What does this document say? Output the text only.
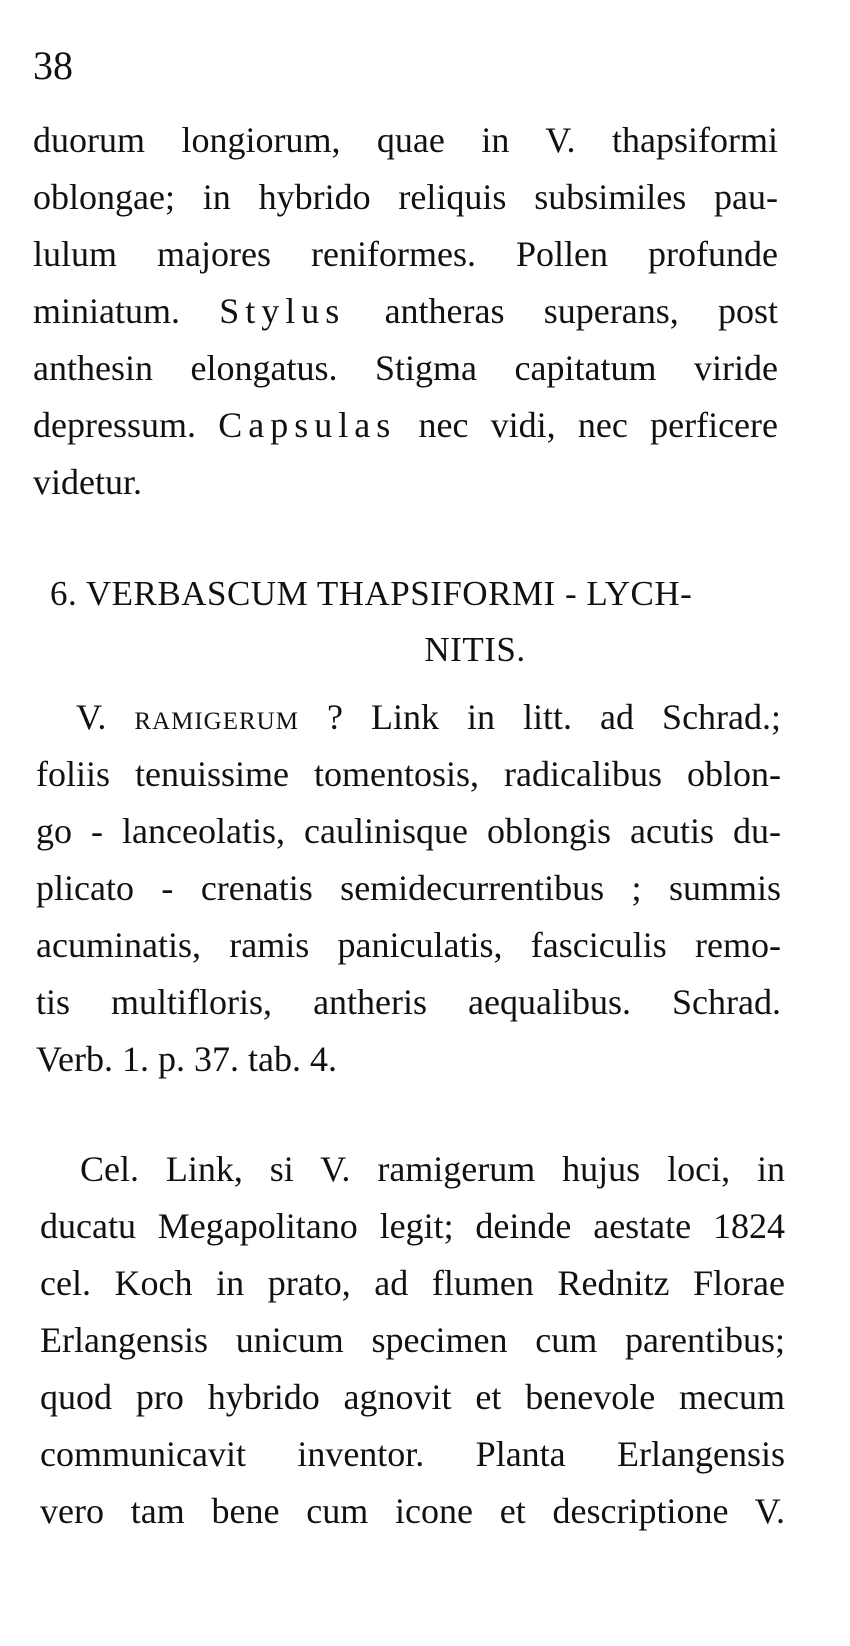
38
duorum longiorum, quae in V. thapsiformi
oblongae; in hybrido reliquis subsimiles pau-
lulum majores reniformes. Pollen profunde
miniatum. Stylus antheras superans, post
anthesin elongatus. Stigma capitatum viride
depressum. Capsulas nec vidi, nec perficere
videtur.
6. VERBASCUM THAPSIFORMI - LYCH-
NITIS.
V. ramigerum ? Link in litt. ad Schrad.;
foliis tenuissime tomentosis, radicalibus oblon-
go - lanceolatis, caulinisque oblongis acutis du-
plicato - crenatis semidecurrentibus ; summis
acuminatis, ramis paniculatis, fasciculis remo-
tis multifloris, antheris aequalibus. Schrad.
Verb. 1. p. 37. tab. 4.
Cel. Link, si V. ramigerum hujus loci, in
ducatu Megapolitano legit; deinde aestate 1824
cel. Koch in prato, ad flumen Rednitz Florae
Erlangensis unicum specimen cum parentibus;
quod pro hybrido agnovit et benevole mecum
communicavit inventor. Planta Erlangensis
vero tam bene cum icone et descriptione V.
